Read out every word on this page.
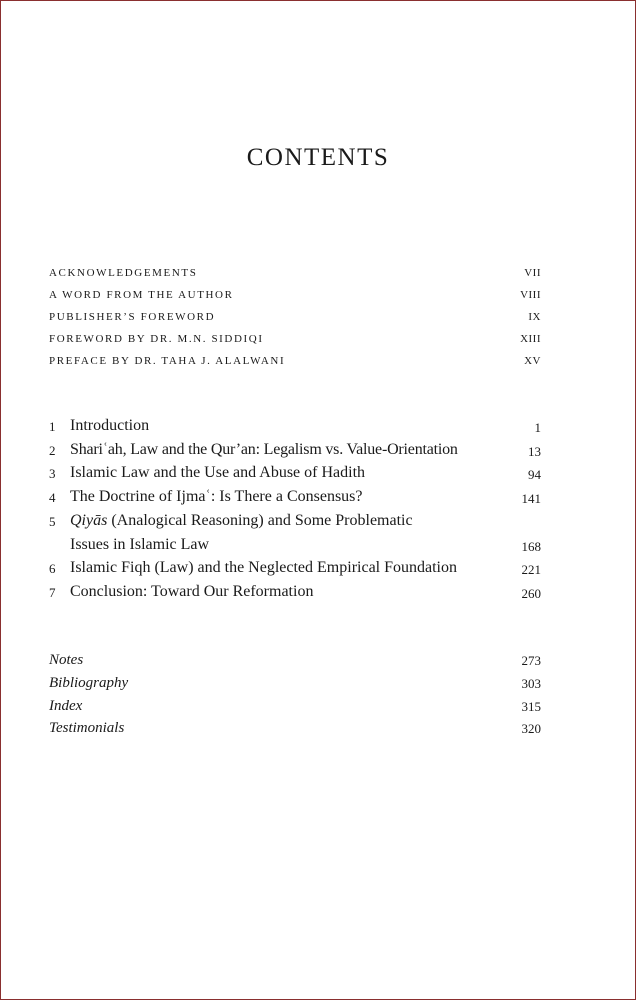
CONTENTS
ACKNOWLEDGEMENTS	VII
A WORD FROM THE AUTHOR	VIII
PUBLISHER’S FOREWORD	IX
FOREWORD BY DR. M.N. SIDDIQI	XIII
PREFACE BY DR. TAHA J. ALALWANI	XV
1 Introduction	1
2 Shariʿah, Law and the Qur’an: Legalism vs. Value-Orientation	13
3 Islamic Law and the Use and Abuse of Hadith	94
4 The Doctrine of Ijmaʿ: Is There a Consensus?	141
5 Qiyās (Analogical Reasoning) and Some Problematic
Issues in Islamic Law	168
6 Islamic Fiqh (Law) and the Neglected Empirical Foundation	221
7 Conclusion: Toward Our Reformation	260
Notes	273
Bibliography	303
Index	315
Testimonials	320
